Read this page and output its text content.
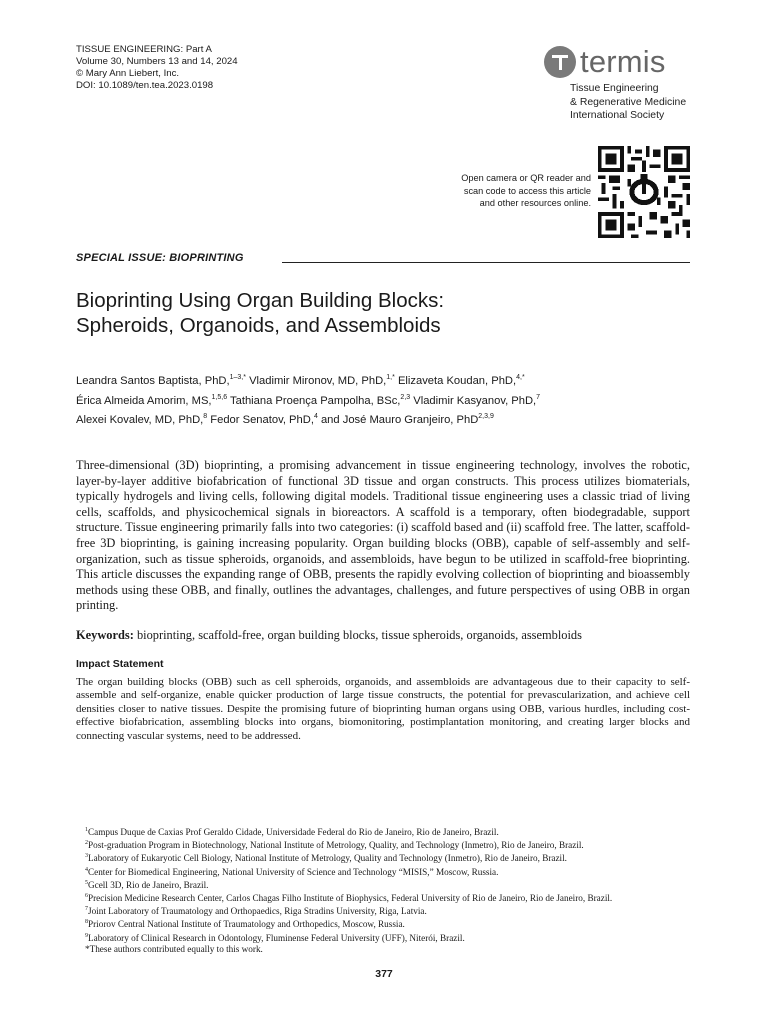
TISSUE ENGINEERING: Part A
Volume 30, Numbers 13 and 14, 2024
© Mary Ann Liebert, Inc.
DOI: 10.1089/ten.tea.2023.0198
termis
Tissue Engineering
& Regenerative Medicine
International Society
Open camera or QR reader and
scan code to access this article
and other resources online.
SPECIAL ISSUE: BIOPRINTING
Bioprinting Using Organ Building Blocks:
Spheroids, Organoids, and Assembloids
Leandra Santos Baptista, PhD,$^{1-3,*}$ Vladimir Mironov, MD, PhD,$^{1,*}$ Elizaveta Koudan, PhD,$^{4,*}$
Érica Almeida Amorim, MS,$^{1,5,6}$ Tathiana Proença Pampolha, BSc,$^{2,3}$ Vladimir Kasyanov, PhD,$^7$
Alexei Kovalev, MD, PhD,$^8$ Fedor Senatov, PhD,$^4$ and José Mauro Granjeiro, PhD$^{2,3,9}$
Three-dimensional (3D) bioprinting, a promising advancement in tissue engineering technology, involves the robotic, layer-by-layer additive biofabrication of functional 3D tissue and organ constructs. This process utilizes biomaterials, typically hydrogels and living cells, following digital models. Traditional tissue engineering uses a classic triad of living cells, scaffolds, and physicochemical signals in bioreactors. A scaffold is a temporary, often biodegradable, support structure. Tissue engineering primarily falls into two categories: (i) scaffold based and (ii) scaffold free. The latter, scaffold-free 3D bioprinting, is gaining increasing popularity. Organ building blocks (OBB), capable of self-assembly and self-organization, such as tissue spheroids, organoids, and assembloids, have begun to be utilized in scaffold-free bioprinting. This article discusses the expanding range of OBB, presents the rapidly evolving collection of bioprinting and bioassembly methods using these OBB, and finally, outlines the advantages, challenges, and future perspectives of using OBB in organ printing.
Keywords: bioprinting, scaffold-free, organ building blocks, tissue spheroids, organoids, assembloids
Impact Statement
The organ building blocks (OBB) such as cell spheroids, organoids, and assembloids are advantageous due to their capacity to self-assemble and self-organize, enable quicker production of large tissue constructs, the potential for prevascularization, and achieve cell densities closer to native tissues. Despite the promising future of bioprinting human organs using OBB, various hurdles, including cost-effective biofabrication, assembling blocks into organs, biomonitoring, postimplantation monitoring, and creating larger blocks and connecting vascular systems, need to be addressed.
$^1$Campus Duque de Caxias Prof Geraldo Cidade, Universidade Federal do Rio de Janeiro, Rio de Janeiro, Brazil.
$^2$Post-graduation Program in Biotechnology, National Institute of Metrology, Quality, and Technology (Inmetro), Rio de Janeiro, Brazil.
$^3$Laboratory of Eukaryotic Cell Biology, National Institute of Metrology, Quality and Technology (Inmetro), Rio de Janeiro, Brazil.
$^4$Center for Biomedical Engineering, National University of Science and Technology “MISIS,” Moscow, Russia.
$^5$Gcell 3D, Rio de Janeiro, Brazil.
$^6$Precision Medicine Research Center, Carlos Chagas Filho Institute of Biophysics, Federal University of Rio de Janeiro, Rio de Janeiro, Brazil.
$^7$Joint Laboratory of Traumatology and Orthopaedics, Riga Stradins University, Riga, Latvia.
$^8$Priorov Central National Institute of Traumatology and Orthopedics, Moscow, Russia.
$^9$Laboratory of Clinical Research in Odontology, Fluminense Federal University (UFF), Niterói, Brazil.
*These authors contributed equally to this work.
377
